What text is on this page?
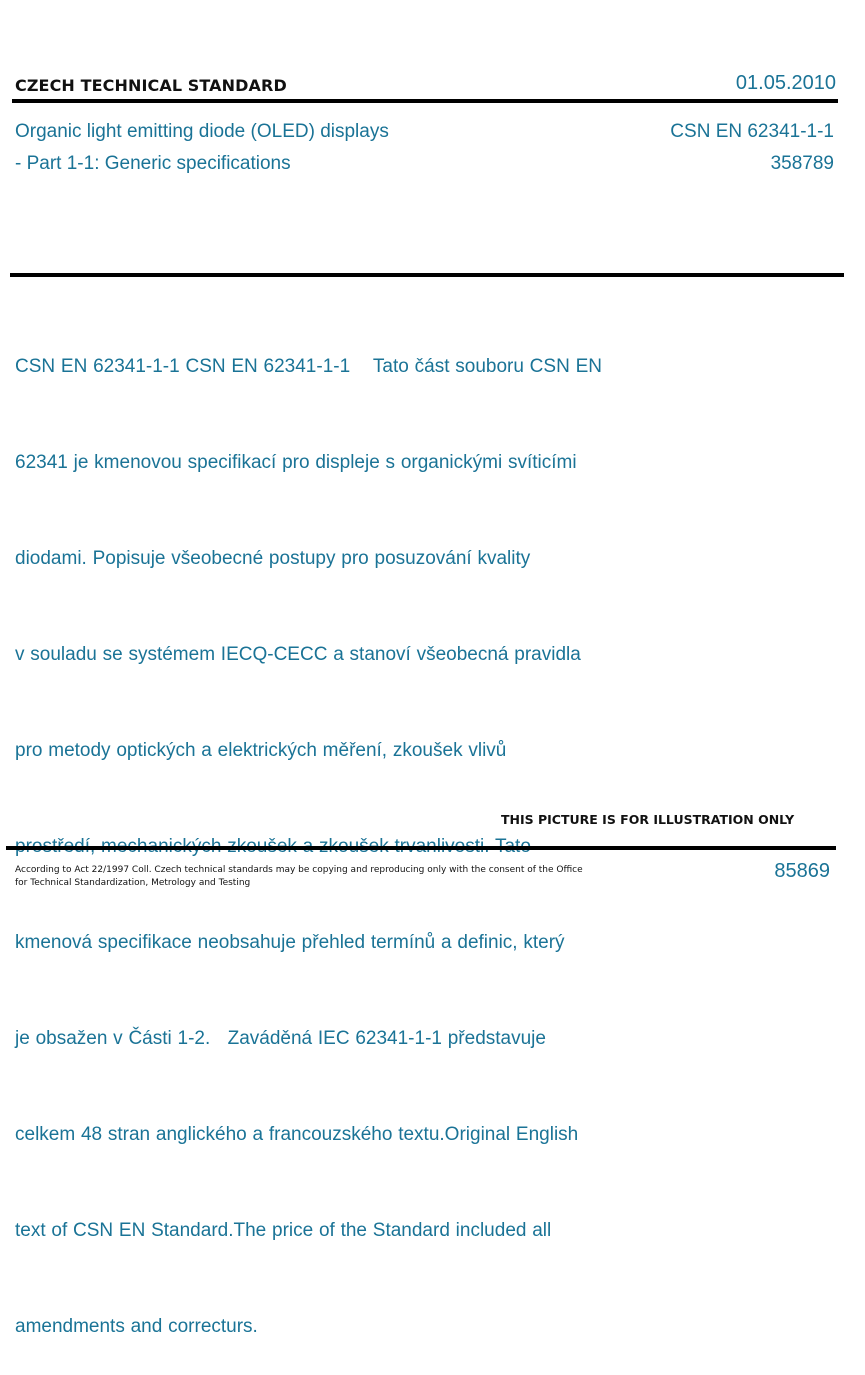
CZECH TECHNICAL STANDARD	01.05.2010
Organic light emitting diode (OLED) displays
- Part 1-1: Generic specifications
CSN EN 62341-1-1
358789

CSN EN 62341-1-1 CSN EN 62341-1-1    Tato část souboru CSN EN

62341 je kmenovou specifikací pro displeje s organickými svíticími

diodami. Popisuje všeobecné postupy pro posuzování kvality

v souladu se systémem IECQ-CECC a stanoví všeobecná pravidla

pro metody optických a elektrických měření, zkoušek vlivů

kmenová specifikace neobsahuje přehled termínů a definic, který

je obsažen v Části 1-2.   Zaváděná IEC 62341-1-1 představuje

celkem 48 stran anglického a francouzského textu.Original English

text of CSN EN Standard.The price of the Standard included all

amendments and correcturs.

THIS PICTURE IS FOR ILLUSTRATION ONLY
According to Act 22/1997 Coll. Czech technical standards may be copying and reproducing only with the consent of the Office
for Technical Standardization, Metrology and Testing
85869
